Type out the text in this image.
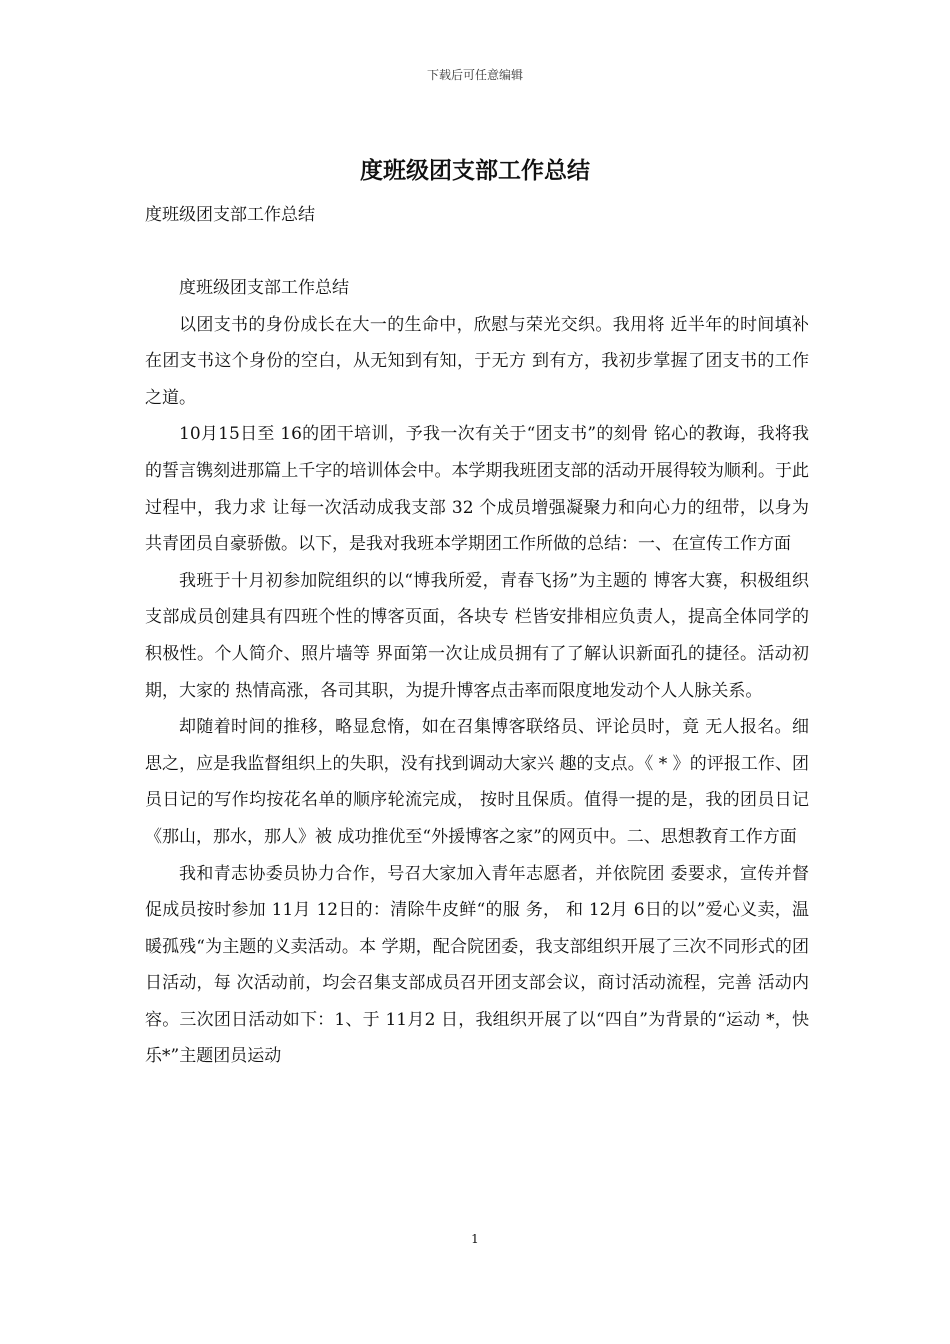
下载后可任意编辑
度班级团支部工作总结

度班级团支部工作总结

度班级团支部工作总结

以团支书的身份成长在大一的生命中，欣慰与荣光交织。我用将 近半年的时间填补在团支书这个身份的空白，从无知到有知，于无方 到有方，我初步掌握了团支书的工作之道。

10月15日至 16的团干培训，予我一次有关于“团支书”的刻骨 铭心的教诲，我将我的誓言镌刻进那篇上千字的培训体会中。本学期我班团支部的活动开展得较为顺利。于此过程中，我力求 让每一次活动成我支部 32 个成员增强凝聚力和向心力的纽带，以身为 共青团员自豪骄傲。以下，是我对我班本学期团工作所做的总结：一、在宣传工作方面

我班于十月初参加院组织的以“博我所爱，青春飞扬”为主题的 博客大赛，积极组织支部成员创建具有四班个性的博客页面，各块专 栏皆安排相应负责人，提高全体同学的积极性。个人简介、照片墙等 界面第一次让成员拥有了了解认识新面孔的捷径。活动初期，大家的 热情高涨，各司其职，为提升博客点击率而限度地发动个人人脉关系。

却随着时间的推移，略显怠惰，如在召集博客联络员、评论员时，竟 无人报名。细思之，应是我监督组织上的失职，没有找到调动大家兴 趣的支点。《 * 》的评报工作、团员日记的写作均按花名单的顺序轮流完成， 按时且保质。值得一提的是，我的团员日记《那山，那水，那人》被 成功推优至“外援博客之家”的网页中。二、思想教育工作方面

我和青志协委员协力合作，号召大家加入青年志愿者，并依院团 委要求，宣传并督促成员按时参加 11月 12日的：清除牛皮鲜“的服 务， 和 12月 6日的以”爱心义卖，温暖孤残“为主题的义卖活动。本 学期，配合院团委，我支部组织开展了三次不同形式的团日活动，每 次活动前，均会召集支部成员召开团支部会议，商讨活动流程，完善 活动内容。三次团日活动如下：1、于 11月2 日，我组织开展了以“四自”为背景的“运动 *，快 乐*”主题团员运动

1
